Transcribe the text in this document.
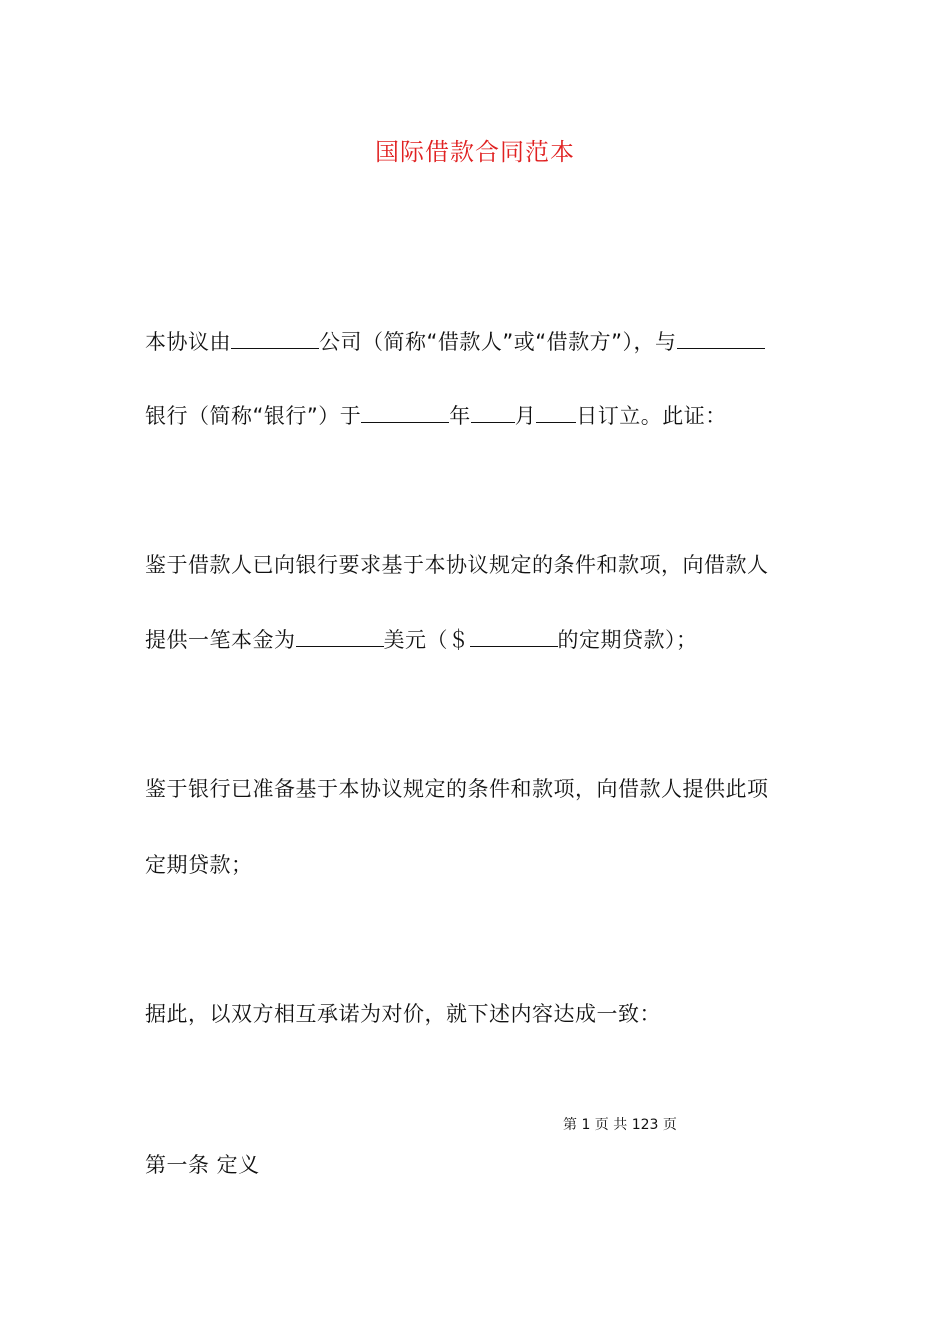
国际借款合同范本
本协议由	公司（简称“借款人”或“借款方”），与
银行（简称“银行”）于	年 月 日订立。此证：
鉴于借款人已向银行要求基于本协议规定的条件和款项，向借款人
提供一笔本金为	美元（＄	的定期贷款）；
鉴于银行已准备基于本协议规定的条件和款项，向借款人提供此项
定期贷款；
据此，以双方相互承诺为对价，就下述内容达成一致：
第 1 页 共 123 页
第一条 定义
